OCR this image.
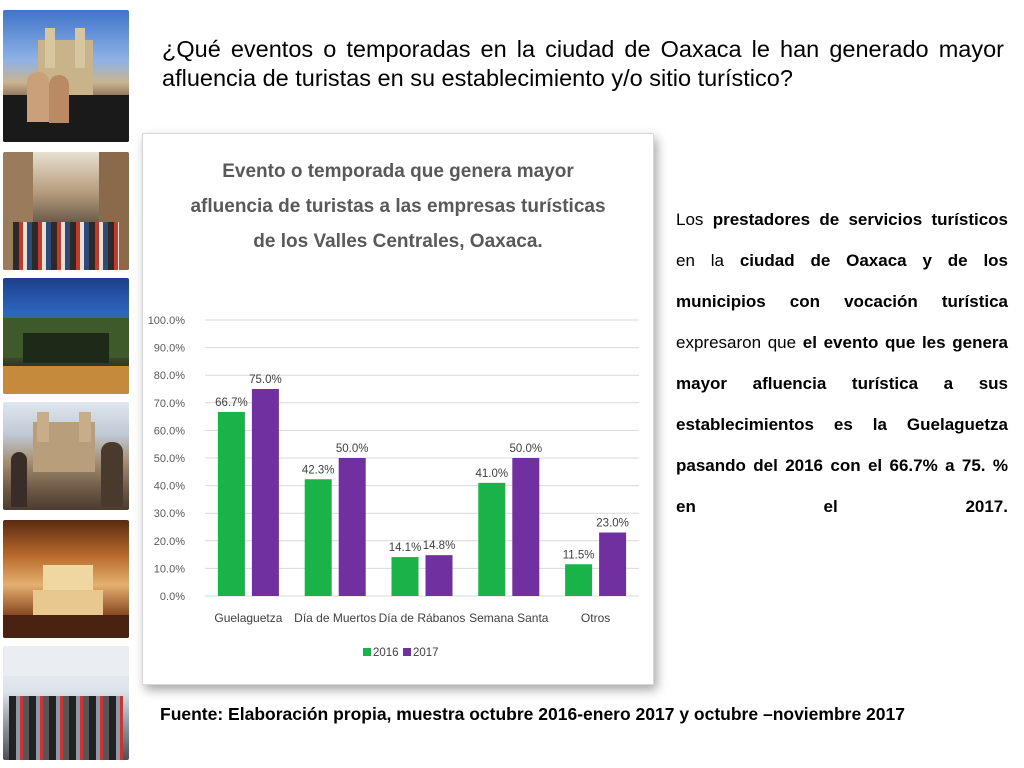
¿Qué eventos o temporadas en la ciudad de Oaxaca le han generado mayor afluencia de turistas en su establecimiento y/o sitio turístico?
Evento o temporada que genera mayor
afluencia de turistas a las empresas turísticas
de los Valles Centrales, Oaxaca.
0.0%
10.0%
20.0%
30.0%
40.0%
50.0%
60.0%
70.0%
80.0%
90.0%
100.0%
66.7%
75.0%
Guelaguetza
42.3%
50.0%
Día de Muertos
14.1% 14.8%
Día de Rábanos
41.0%
50.0%
Semana Santa
11.5%
23.0%
Otros
2016 2017
Los prestadores de servicios turísticos en la ciudad de Oaxaca y de los municipios con vocación turística expresaron que el evento que les genera mayor afluencia turística a sus establecimientos es la Guelaguetza pasando del 2016 con el 66.7% a 75. % en el 2017.
Fuente: Elaboración propia, muestra octubre 2016-enero 2017 y octubre –noviembre 2017
